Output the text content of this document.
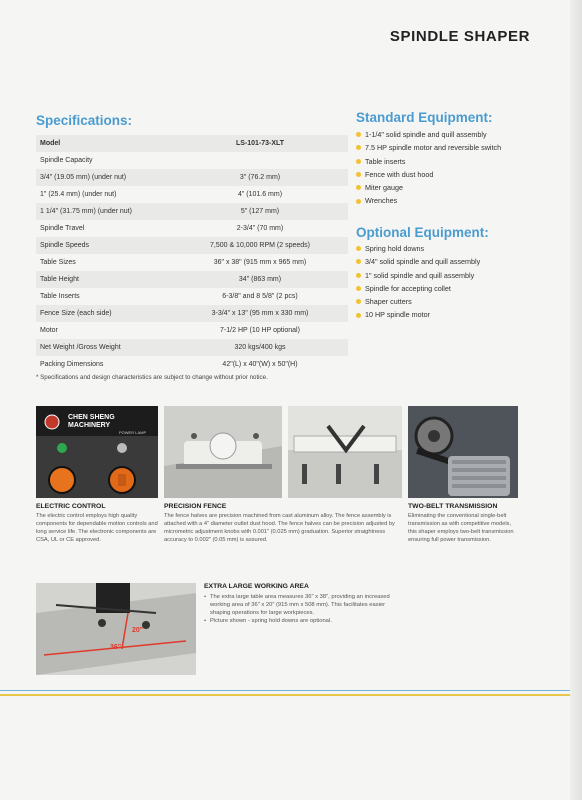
SPINDLE SHAPER
Specifications:
Model	LS-101-73-XLT
Spindle Capacity
3/4" (19.05 mm) (under nut)	3" (76.2 mm)
1" (25.4 mm) (under nut)	4" (101.6 mm)
1 1/4" (31.75 mm) (under nut)	5" (127 mm)
Spindle Travel	2-3/4" (70 mm)
Spindle Speeds	7,500 & 10,000 RPM (2 speeds)
Table Sizes	36" x 38" (915 mm x 965 mm)
Table Height	34" (863 mm)
Table Inserts	6-3/8" and 8 5/8" (2 pcs)
Fence Size (each side)	3-3/4" x 13" (95 mm x 330 mm)
Motor	7-1/2 HP (10 HP optional)
Net Weight /Gross Weight	320 kgs/400 kgs
Packing Dimensions	42"(L) x 40"(W) x 50"(H)
* Specifications and design characteristics are subject to change without prior notice.
Standard Equipment:
1-1/4" solid spindle and quill assembly
7.5 HP spindle motor and reversible switch
Table inserts
Fence with dust hood
Miter gauge
Wrenches
Optional Equipment:
Spring hold downs
3/4" solid spindle and quill assembly
1" solid spindle and quill assembly
Spindle for accepting collet
Shaper cutters
10 HP spindle motor
CHEN SHENG
MACHINERY
POWER LAMP
ELECTRIC CONTROL
The electric control employs high quality components for dependable motion controls and long service life. The electronic components are CSA, UL or CE approved.
PRECISION FENCE
The fence halves are precision machined from cast aluminum alloy. The fence assembly is attached with a 4" diameter outlet dust hood. The fence halves can be precision adjusted by micrometric adjustment knobs with 0.001" (0.025 mm) graduation. Superior straightness accuracy to 0.002" (0.05 mm) is assured.
TWO-BELT TRANSMISSION
Eliminating the conventional single-belt transmission as with competitive models, this shaper employs two-belt transmission ensuring full power transmission.
36"
20"
EXTRA LARGE WORKING AREA
• The extra large table area measures 36" x 38", providing an increased working area of 36" x 20" (915 mm x 508 mm). This facilitates easier shaping operations for large workpieces.
• Picture shown - spring hold downs are optional.
